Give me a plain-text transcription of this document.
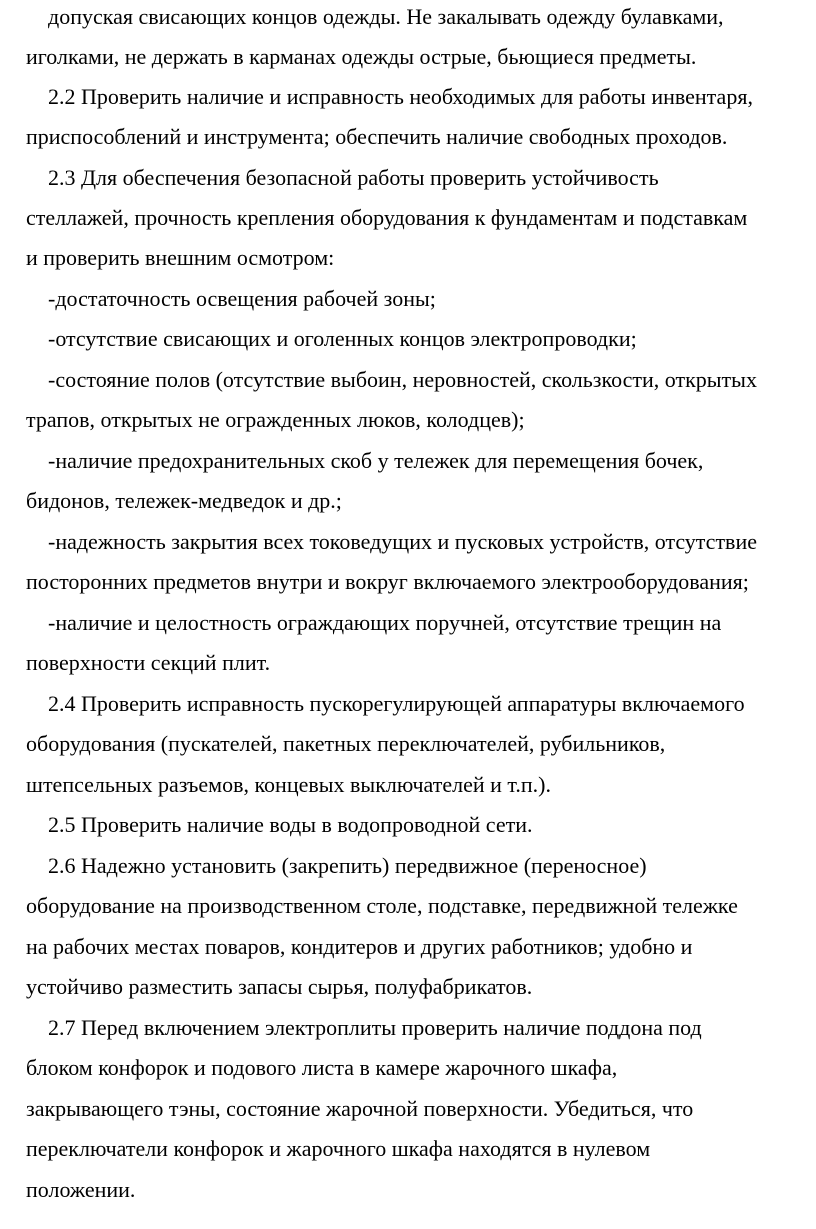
допуская свисающих концов одежды. Не закалывать одежду булавками,
иголками, не держать в карманах одежды острые, бьющиеся предметы.
2.2 Проверить наличие и исправность необходимых для работы инвентаря,
приспособлений и инструмента; обеспечить наличие свободных проходов.
2.3 Для обеспечения безопасной работы проверить устойчивость
стеллажей, прочность крепления оборудования к фундаментам и подставкам
и проверить внешним осмотром:
-достаточность освещения рабочей зоны;
-отсутствие свисающих и оголенных концов электропроводки;
-состояние полов (отсутствие выбоин, неровностей, скользкости, открытых
трапов, открытых не огражденных люков, колодцев);
-наличие предохранительных скоб у тележек для перемещения бочек,
бидонов, тележек-медведок и др.;
-надежность закрытия всех токоведущих и пусковых устройств, отсутствие
посторонних предметов внутри и вокруг включаемого электрооборудования;
-наличие и целостность ограждающих поручней, отсутствие трещин на
поверхности секций плит.
2.4 Проверить исправность пускорегулирующей аппаратуры включаемого
оборудования (пускателей, пакетных переключателей, рубильников,
штепсельных разъемов, концевых выключателей и т.п.).
2.5 Проверить наличие воды в водопроводной сети.
2.6 Надежно установить (закрепить) передвижное (переносное)
оборудование на производственном столе, подставке, передвижной тележке
на рабочих местах поваров, кондитеров и других работников; удобно и
устойчиво разместить запасы сырья, полуфабрикатов.
2.7 Перед включением электроплиты проверить наличие поддона под
блоком конфорок и подового листа в камере жарочного шкафа,
закрывающего тэны, состояние жарочной поверхности. Убедиться, что
переключатели конфорок и жарочного шкафа находятся в нулевом
положении.
